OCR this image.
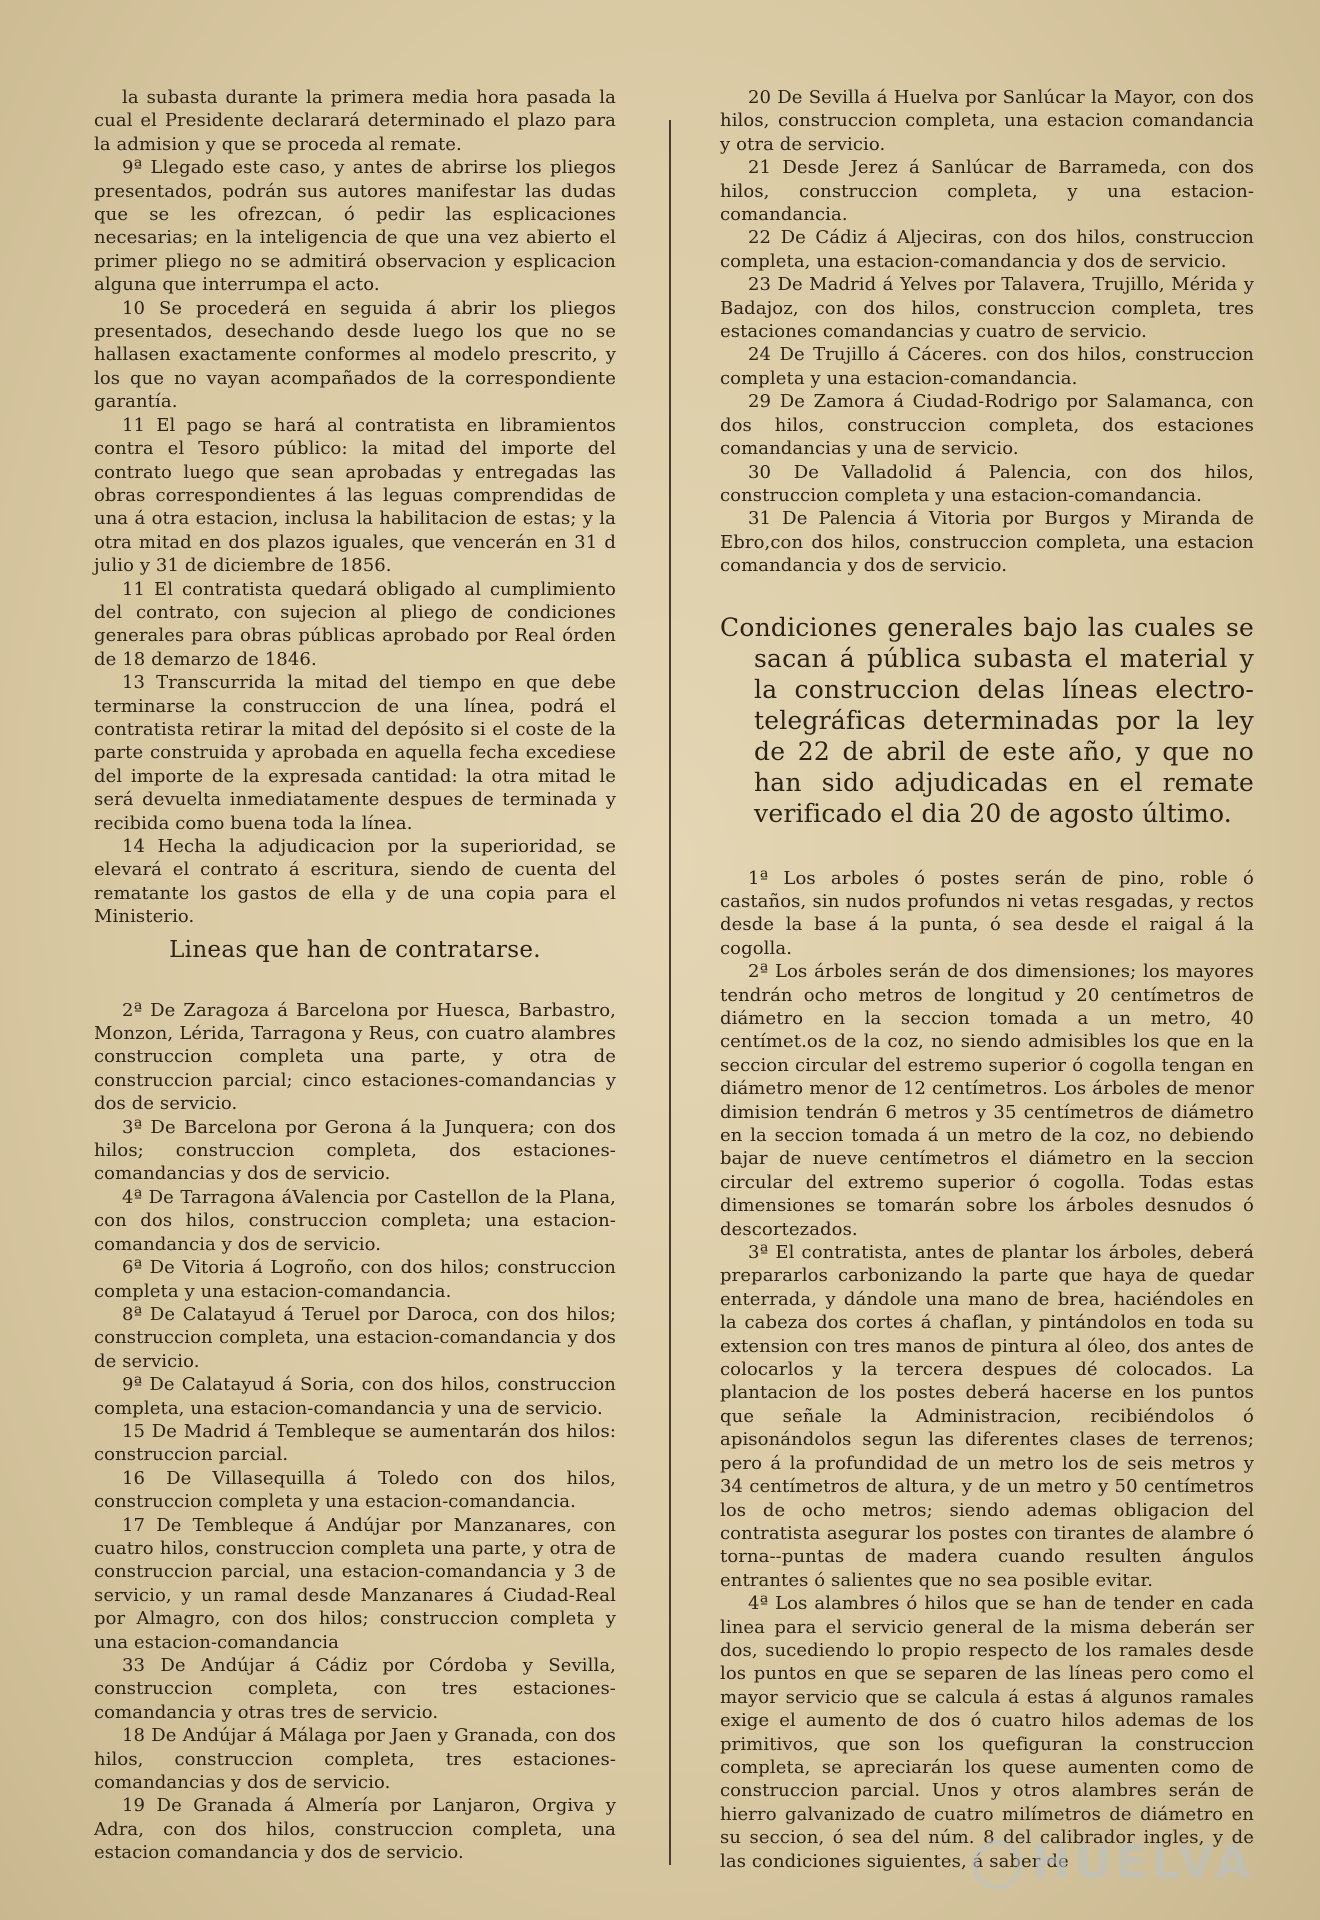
la subasta durante la primera media hora pasada la cual el Presidente declarará determinado el plazo para la admision y que se proceda al remate.

9ª Llegado este caso, y antes de abrirse los pliegos presentados, podrán sus autores manifestar las dudas que se les ofrezcan, ó pedir las esplicaciones necesarias; en la inteligencia de que una vez abierto el primer pliego no se admitirá observacion y esplicacion alguna que interrumpa el acto.

10 Se procederá en seguida á abrir los pliegos presentados, desechando desde luego los que no se hallasen exactamente conformes al modelo prescrito, y los que no vayan acompañados de la correspondiente garantía.

11 El pago se hará al contratista en libramientos contra el Tesoro público: la mitad del importe del contrato luego que sean aprobadas y entregadas las obras correspondientes á las leguas comprendidas de una á otra estacion, inclusa la habilitacion de estas; y la otra mitad en dos plazos iguales, que vencerán en 31 d julio y 31 de diciembre de 1856.

11 El contratista quedará obligado al cumplimiento del contrato, con sujecion al pliego de condiciones generales para obras públicas aprobado por Real órden de 18 demarzo de 1846.

13 Transcurrida la mitad del tiempo en que debe terminarse la construccion de una línea, podrá el contratista retirar la mitad del depósito si el coste de la parte construida y aprobada en aquella fecha excediese del importe de la expresada cantidad: la otra mitad le será devuelta inmediatamente despues de terminada y recibida como buena toda la línea.

14 Hecha la adjudicacion por la superioridad, se elevará el contrato á escritura, siendo de cuenta del rematante los gastos de ella y de una copia para el Ministerio.

Lineas que han de contratarse.

2ª De Zaragoza á Barcelona por Huesca, Barbastro, Monzon, Lérida, Tarragona y Reus, con cuatro alambres construccion completa una parte, y otra de construccion parcial; cinco estaciones-comandancias y dos de servicio.

3ª De Barcelona por Gerona á la Junquera; con dos hilos; construccion completa, dos estaciones-comandancias y dos de servicio.

4ª De Tarragona áValencia por Castellon de la Plana, con dos hilos, construccion completa; una estacion-comandancia y dos de servicio.

6ª De Vitoria á Logroño, con dos hilos; construccion completa y una estacion-comandancia.

8ª De Calatayud á Teruel por Daroca, con dos hilos; construccion completa, una estacion-comandancia y dos de servicio.

9ª De Calatayud á Soria, con dos hilos, construccion completa, una estacion-comandancia y una de servicio.

15 De Madrid á Tembleque se aumentarán dos hilos: construccion parcial.

16 De Villasequilla á Toledo con dos hilos, construccion completa y una estacion-comandancia.

17 De Tembleque á Andújar por Manzanares, con cuatro hilos, construccion completa una parte, y otra de construccion parcial, una estacion-comandancia y 3 de servicio, y un ramal desde Manzanares á Ciudad-Real por Almagro, con dos hilos; construccion completa y una estacion-comandancia

33 De Andújar á Cádiz por Córdoba y Sevilla, construccion completa, con tres estaciones-comandancia y otras tres de servicio.

18 De Andújar á Málaga por Jaen y Granada, con dos hilos, construccion completa, tres estaciones-comandancias y dos de servicio.

19 De Granada á Almería por Lanjaron, Orgiva y Adra, con dos hilos, construccion completa, una estacion comandancia y dos de servicio.

20 De Sevilla á Huelva por Sanlúcar la Mayor, con dos hilos, construccion completa, una estacion comandancia y otra de servicio.

21 Desde Jerez á Sanlúcar de Barrameda, con dos hilos, construccion completa, y una estacion-comandancia.

22 De Cádiz á Aljeciras, con dos hilos, construccion completa, una estacion-comandancia y dos de servicio.

23 De Madrid á Yelves por Talavera, Trujillo, Mérida y Badajoz, con dos hilos, construccion completa, tres estaciones comandancias y cuatro de servicio.

24 De Trujillo á Cáceres. con dos hilos, construccion completa y una estacion-comandancia.

29 De Zamora á Ciudad-Rodrigo por Salamanca, con dos hilos, construccion completa, dos estaciones comandancias y una de servicio.

30 De Valladolid á Palencia, con dos hilos, construccion completa y una estacion-comandancia.

31 De Palencia á Vitoria por Burgos y Miranda de Ebro,con dos hilos, construccion completa, una estacion comandancia y dos de servicio.

Condiciones generales bajo las cuales se sacan á pública subasta el material y la construccion delas líneas electro-telegráficas determinadas por la ley de 22 de abril de este año, y que no han sido adjudicadas en el remate verificado el dia 20 de agosto último.

1ª Los arboles ó postes serán de pino, roble ó castaños, sin nudos profundos ni vetas resgadas, y rectos desde la base á la punta, ó sea desde el raigal á la cogolla.

2ª Los árboles serán de dos dimensiones; los mayores tendrán ocho metros de longitud y 20 centímetros de diámetro en la seccion tomada a un metro, 40 centímet.os de la coz, no siendo admisibles los que en la seccion circular del estremo superior ó cogolla tengan en diámetro menor de 12 centímetros. Los árboles de menor dimision tendrán 6 metros y 35 centímetros de diámetro en la seccion tomada á un metro de la coz, no debiendo bajar de nueve centímetros el diámetro en la seccion circular del extremo superior ó cogolla. Todas estas dimensiones se tomarán sobre los árboles desnudos ó descortezados.

3ª El contratista, antes de plantar los árboles, deberá prepararlos carbonizando la parte que haya de quedar enterrada, y dándole una mano de brea, haciéndoles en la cabeza dos cortes á chaflan, y pintándolos en toda su extension con tres manos de pintura al óleo, dos antes de colocarlos y la tercera despues dé colocados. La plantacion de los postes deberá hacerse en los puntos que señale la Administracion, recibiéndolos ó apisonándolos segun las diferentes clases de terrenos; pero á la profundidad de un metro los de seis metros y 34 centímetros de altura, y de un metro y 50 centímetros los de ocho metros; siendo ademas obligacion del contratista asegurar los postes con tirantes de alambre ó torna--puntas de madera cuando resulten ángulos entrantes ó salientes que no sea posible evitar.

4ª Los alambres ó hilos que se han de tender en cada linea para el servicio general de la misma deberán ser dos, sucediendo lo propio respecto de los ramales desde los puntos en que se separen de las líneas pero como el mayor servicio que se calcula á estas á algunos ramales exige el aumento de dos ó cuatro hilos ademas de los primitivos, que son los quefiguran la construccion completa, se apreciarán los quese aumenten como de construccion parcial. Unos y otros alambres serán de hierro galvanizado de cuatro milímetros de diámetro en su seccion, ó sea del núm. 8 del calibrador ingles, y de las condiciones siguientes, á saber de

HUELVA
